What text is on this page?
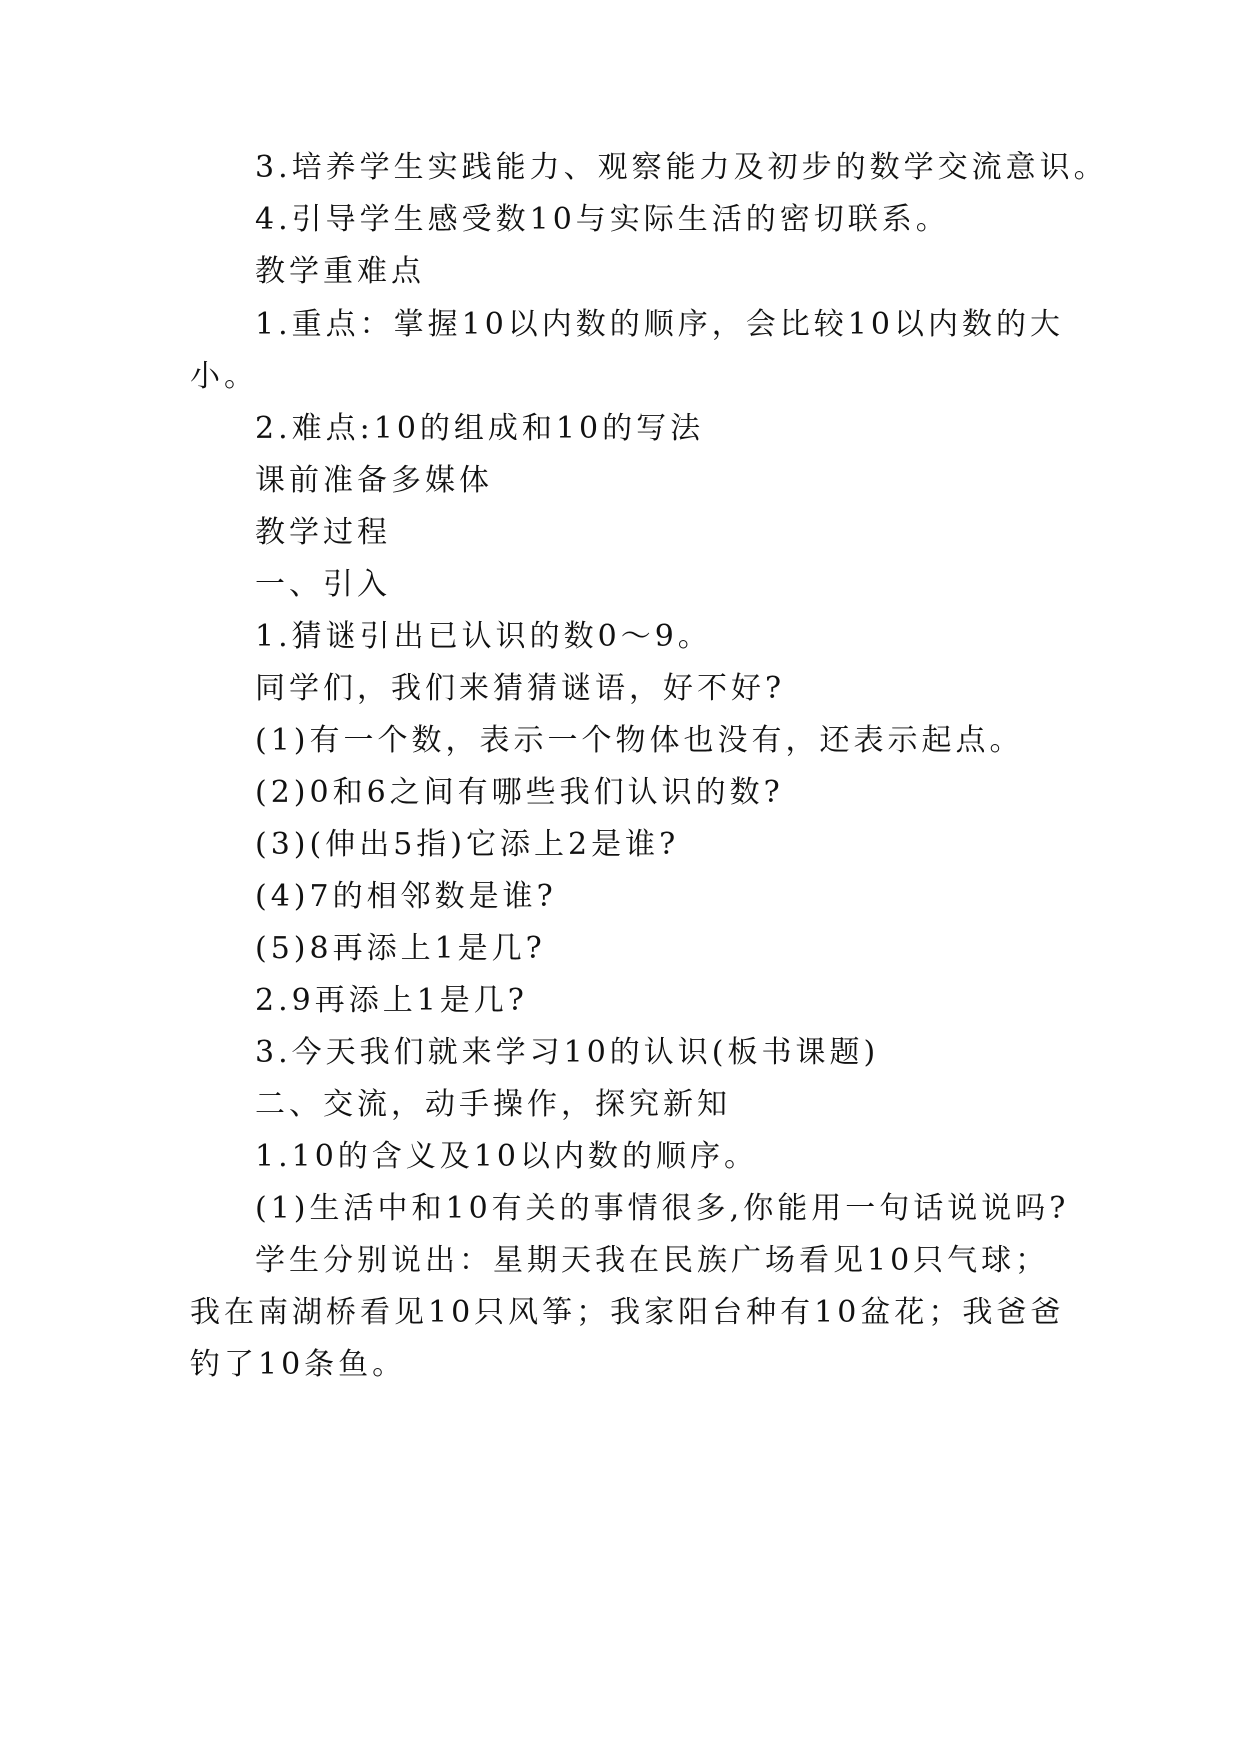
3.培养学生实践能力、观察能力及初步的数学交流意识。

4.引导学生感受数10与实际生活的密切联系。

教学重难点

1.重点：掌握10以内数的顺序，会比较10以内数的大

小。

2.难点:10的组成和10的写法

课前准备多媒体

教学过程

一、引入

1.猜谜引出已认识的数0～9。

同学们，我们来猜猜谜语，好不好?

(1)有一个数，表示一个物体也没有，还表示起点。

(2)0和6之间有哪些我们认识的数?

(3)(伸出5指)它添上2是谁?

(4)7的相邻数是谁?

(5)8再添上1是几?

2.9再添上1是几?

3.今天我们就来学习10的认识(板书课题)

二、交流，动手操作，探究新知

1.10的含义及10以内数的顺序。

(1)生活中和10有关的事情很多,你能用一句话说说吗?

学生分别说出：星期天我在民族广场看见10只气球；

我在南湖桥看见10只风筝；我家阳台种有10盆花；我爸爸

钓了10条鱼。
